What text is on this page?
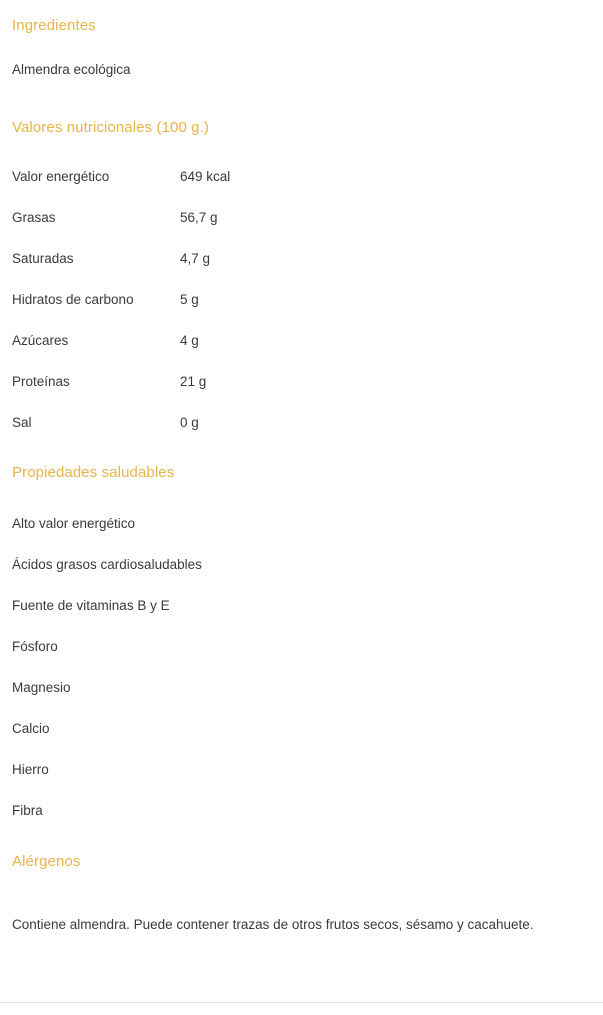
Ingredientes
Almendra ecológica
Valores nutricionales (100 g.)
Valor energético	649 kcal
Grasas	56,7 g
Saturadas	4,7 g
Hidratos de carbono	5 g
Azúcares	4 g
Proteínas	21 g
Sal	0 g
Propiedades saludables
Alto valor energético
Ácidos grasos cardiosaludables
Fuente de vitaminas B y E
Fósforo
Magnesio
Calcio
Hierro
Fibra
Alérgenos
Contiene almendra. Puede contener trazas de otros frutos secos, sésamo y cacahuete.
